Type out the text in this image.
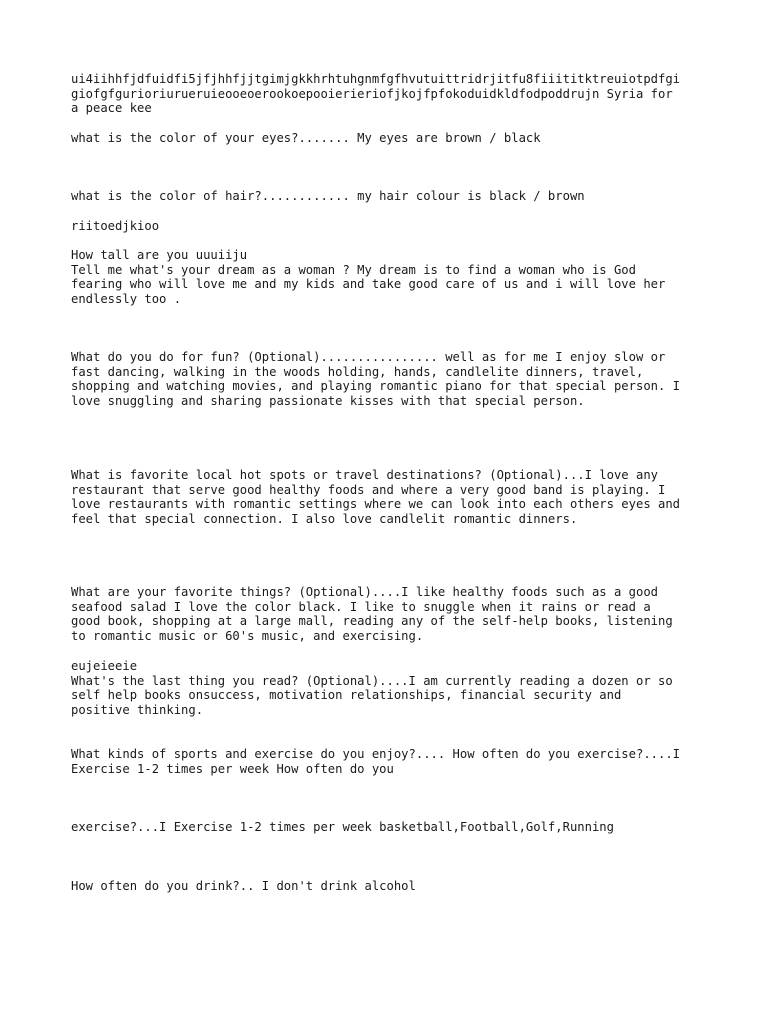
ui4iihhfjdfuidfi5jfjhhfjjtgimjgkkhrhtuhgnmfgfhvutuittridrjitfu8fiiititktreuiotpdfgi
giofgfgurioriurueruieooeoerookoepooierieriofjkojfpfokoduidkldfodpoddrujn Syria for
a peace kee

what is the color of your eyes?....... My eyes are brown / black

what is the color of hair?............ my hair colour is black / brown

riitoedjkioo

How tall are you uuuiiju
Tell me what's your dream as a woman ? My dream is to find a woman who is God
fearing who will love me and my kids and take good care of us and i will love her
endlessly too .

What do you do for fun? (Optional)................ well as for me I enjoy slow or
fast dancing, walking in the woods holding, hands, candlelite dinners, travel,
shopping and watching movies, and playing romantic piano for that special person. I
love snuggling and sharing passionate kisses with that special person.

What is favorite local hot spots or travel destinations? (Optional)...I love any
restaurant that serve good healthy foods and where a very good band is playing. I
love restaurants with romantic settings where we can look into each others eyes and
feel that special connection. I also love candlelit romantic dinners.

What are your favorite things? (Optional)....I like healthy foods such as a good
seafood salad I love the color black. I like to snuggle when it rains or read a
good book, shopping at a large mall, reading any of the self-help books, listening
to romantic music or 60's music, and exercising.

eujeieeie
What's the last thing you read? (Optional)....I am currently reading a dozen or so
self help books onsuccess, motivation relationships, financial security and
positive thinking.

What kinds of sports and exercise do you enjoy?.... How often do you exercise?....I
Exercise 1-2 times per week How often do you

exercise?...I Exercise 1-2 times per week basketball,Football,Golf,Running

How often do you drink?.. I don't drink alcohol
